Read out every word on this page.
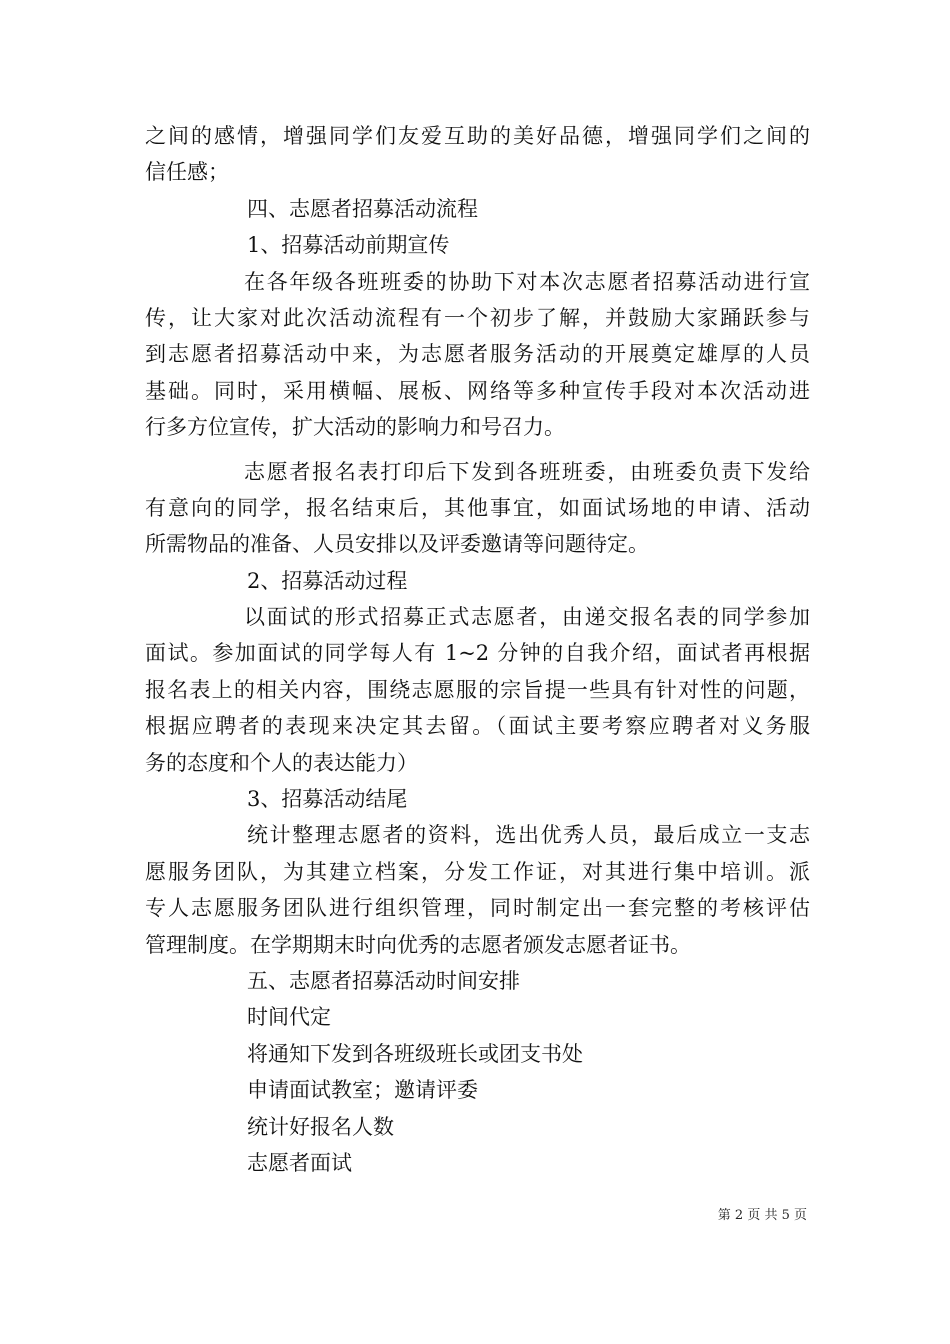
之间的感情，增强同学们友爱互助的美好品德，增强同学们之间的
信任感；
四、志愿者招募活动流程
1、招募活动前期宣传
在各年级各班班委的协助下对本次志愿者招募活动进行宣
传，让大家对此次活动流程有一个初步了解，并鼓励大家踊跃参与
到志愿者招募活动中来，为志愿者服务活动的开展奠定雄厚的人员
基础。同时，采用横幅、展板、网络等多种宣传手段对本次活动进
行多方位宣传，扩大活动的影响力和号召力。
志愿者报名表打印后下发到各班班委，由班委负责下发给
有意向的同学，报名结束后，其他事宜，如面试场地的申请、活动
所需物品的准备、人员安排以及评委邀请等问题待定。
2、招募活动过程
以面试的形式招募正式志愿者，由递交报名表的同学参加
面试。参加面试的同学每人有 1~2 分钟的自我介绍，面试者再根据
报名表上的相关内容，围绕志愿服的宗旨提一些具有针对性的问题，
根据应聘者的表现来决定其去留。（面试主要考察应聘者对义务服
务的态度和个人的表达能力）
3、招募活动结尾
统计整理志愿者的资料，选出优秀人员，最后成立一支志
愿服务团队，为其建立档案，分发工作证，对其进行集中培训。派
专人志愿服务团队进行组织管理，同时制定出一套完整的考核评估
管理制度。在学期期末时向优秀的志愿者颁发志愿者证书。
五、志愿者招募活动时间安排
时间代定
将通知下发到各班级班长或团支书处
申请面试教室；邀请评委
统计好报名人数
志愿者面试
第 2 页 共 5 页
